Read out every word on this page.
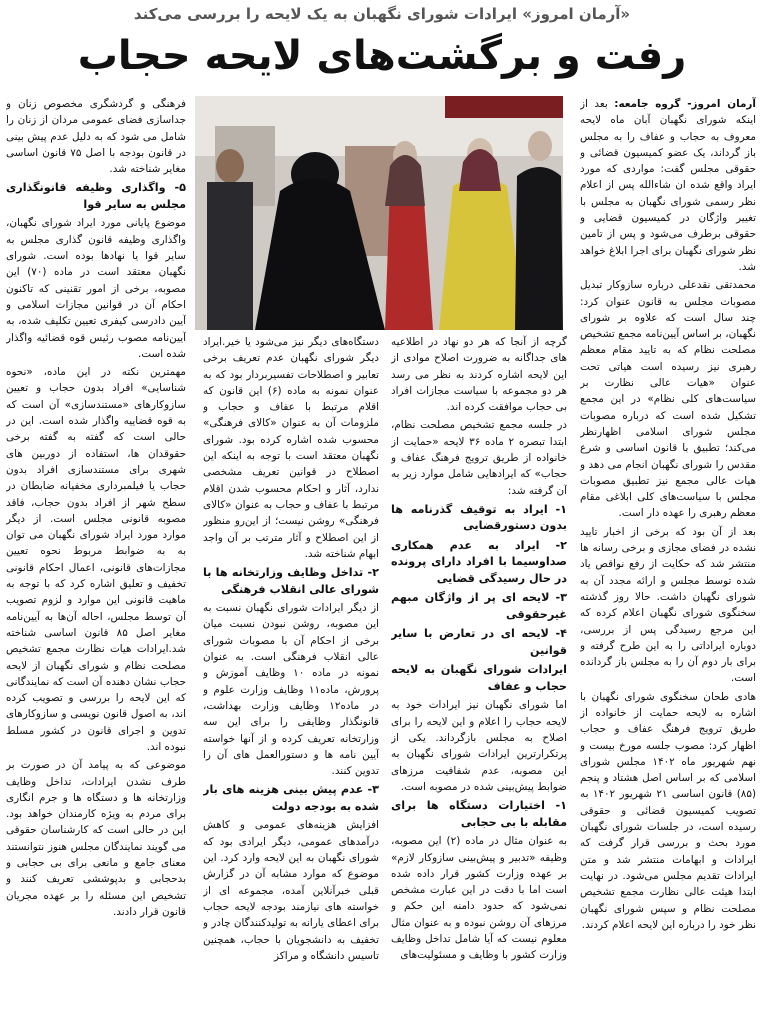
«آرمان امروز» ایرادات شورای نگهبان به یک لایحه را بررسی می‌کند
رفت و برگشت‌های لایحه حجاب

آرمان امروز- گروه جامعه: بعد از اینکه شورای نگهبان آبان ماه لایحه معروف به حجاب و عفاف را به مجلس باز گرداند، یک عضو کمیسیون قضائی و حقوقی مجلس گفت: مواردی که مورد ایراد واقع شده ان شاءالله پس از اعلام نظر رسمی شورای نگهبان به مجلس با تغییر واژگان در کمیسیون قضایی و حقوقی برطرف می‌شود و پس از تامین نظر شورای نگهبان برای اجرا ابلاغ خواهد شد.

محمدتقی نقدعلی درباره سازوکار تبدیل مصوبات مجلس به قانون عنوان کرد: چند سال است که علاوه بر شورای نگهبان، بر اساس آیین‌نامه مجمع تشخیص مصلحت نظام که به تایید مقام معظم رهبری نیز رسیده است هیاتی تحت عنوان «هیات عالی نظارت بر سیاست‌های کلی نظام» در این مجمع تشکیل شده است که درباره مصوبات مجلس شورای اسلامی اظهارنظر می‌کند؛ تطبیق با قانون اساسی و شرع مقدس را شورای نگهبان انجام می دهد و هیات عالی مجمع نیز تطبیق مصوبات مجلس با سیاست‌های کلی ابلاغی مقام معظم رهبری را عهده دار است.

بعد از آن بود که برخی از اخبار تایید نشده در فضای مجازی و برخی رسانه ها منتشر شد که حکایت از رفع نواقص یاد شده توسط مجلس و ارائه مجدد آن به شورای نگهبان داشت. حالا روز گذشته سخنگوی شورای نگهبان اعلام کرده که این مرجع رسیدگی پس از بررسی، دوباره ایراداتی را به این طرح گرفته و برای بار دوم آن را به مجلس باز گردانده است.

هادی طحان سخنگوی شورای نگهبان با اشاره به لایحه حمایت از خانواده از طریق ترویج فرهنگ عفاف و حجاب اظهار کرد: مصوب جلسه مورخ بیست و نهم شهریور ماه ۱۴۰۲ مجلس شورای اسلامی که بر اساس اصل هشتاد و پنجم (۸۵) قانون اساسی ۲۱ شهریور ۱۴۰۲ به تصویب کمیسیون قضائی و حقوقی رسیده است، در جلسات شورای نگهبان مورد بحث و بررسی قرار گرفت که ایرادات و ابهامات منتشر شد و متن ایرادات تقدیم مجلس می‌شود. در نهایت ابتدا هیئت عالی نظارت مجمع تشخیص مصلحت نظام و سپس شورای نگهبان نظر خود را درباره این لایحه اعلام کردند.

گرچه از آنجا که هر دو نهاد در اطلاعیه های جداگانه به ضرورت اصلاح موادی از این لایحه اشاره کردند به نظر می رسد هر دو مجموعه با سیاست مجازات افراد بی حجاب موافقت کرده اند.

در جلسه مجمع تشخیص مصلحت نظام، ابتدا تبصره ۲ ماده ۳۶ لایحه «حمایت از خانواده از طریق ترویج فرهنگ عفاف و حجاب» که ایرادهایی شامل موارد زیر به آن گرفته شد:

۱- ایراد به توقیف گذرنامه ها بدون دستورقضایی
۲- ایراد به عدم همکاری صداوسیما با افراد دارای پرونده در حال رسیدگی قضایی
۳- لایحه ای پر از واژگان مبهم غیرحقوقی
۴- لایحه ای در تعارض با سایر قوانین
ایرادات شورای نگهبان به لایحه حجاب و عفاف

اما شورای نگهبان نیز ایرادات خود به لایحه حجاب را اعلام و این لایحه را برای اصلاح به مجلس بازگرداند. یکی از پرتکرارترین ایرادات شورای نگهبان به این مصوبه، عدم شفافیت مرزهای ضوابط پیش‌بینی شده در مصوبه است.

۱- اختیارات دستگاه ها برای مقابله با بی حجابی

به عنوان مثال در ماده (۲) این مصوبه، وظیفه «تدبیر و پیش‌بینی سازوکار لازم» بر عهده وزارت کشور قرار داده شده است اما با دقت در این عبارت مشخص نمی‌شود که حدود دامنه این حکم و مرزهای آن روشن نبوده و به عنوان مثال معلوم نیست که آیا شامل تداخل وظایف وزارت کشور با وظایف و مسئولیت‌های

دستگاه‌های دیگر نیز می‌شود یا خیر.ایراد دیگر شورای نگهبان عدم تعریف برخی تعابیر و اصطلاحات تفسیربردار بود که به عنوان نمونه به ماده (۶) این قانون که اقلام مرتبط با عفاف و حجاب و ملزومات آن به عنوان «کالای فرهنگی» محسوب شده اشاره کرده بود. شورای نگهبان معتقد است با توجه به اینکه این اصطلاح در قوانین تعریف مشخصی ندارد، آثار و احکام محسوب شدن اقلام مرتبط با عفاف و حجاب به عنوان «کالای فرهنگی» روشن نیست؛ از این‌رو منظور از این اصطلاح و آثار مترتب بر آن واجد ابهام شناخته شد.

۲- تداخل وظایف وزارتخانه ها با شورای عالی انقلاب فرهنگی

از دیگر ایرادات شورای نگهبان نسبت به این مصوبه، روشن نبودن نسبت میان برخی از احکام آن با مصوبات شورای عالی انقلاب فرهنگی است. به عنوان نمونه در ماده ۱۰ وظایف آموزش و پرورش، ماده۱۱ وظایف وزارت علوم و در ماده۱۲ وظایف وزارت بهداشت، قانونگذار وظایفی را برای این سه وزارتخانه تعریف کرده و از آنها خواسته آیین نامه ها و دستورالعمل های آن را تدوین کنند.

۳- عدم پیش بینی هزینه های بار شده به بودجه دولت

افزایش هزینه‌های عمومی و کاهش درآمدهای عمومی، دیگر ایرادی بود که شورای نگهبان به این لایحه وارد کرد. این موضوع که موارد مشابه آن در گزارش قبلی خبرآنلاین آمده، مجموعه ای از خواسته های نیازمند بودجه لایحه حجاب برای اعطای یارانه به تولیدکنندگان چادر و تخفیف به دانشجویان با حجاب، همچنین تاسیس دانشگاه و مراکز

فرهنگی و گردشگری مخصوص زنان و جداسازی فضای عمومی مردان از زنان را شامل می شود که به دلیل عدم پیش بینی در قانون بودجه با اصل ۷۵ قانون اساسی مغایر شناخته شد.

۵- واگذاری وظیفه قانونگذاری مجلس به سایر قوا

موضوع پایانی مورد ایراد شورای نگهبان، واگذاری وظیفه قانون گذاری مجلس به سایر قوا یا نهادها بوده است. شورای نگهبان معتقد است در ماده (۷۰) این مصوبه، برخی از امور تقنینی که تاکنون احکام آن در قوانین مجازات اسلامی و آیین دادرسی کیفری تعیین تکلیف شده، به آیین‌نامه مصوب رئیس قوه قضائیه واگذار شده است.

مهمترین نکته در این ماده، «نحوه شناسایی» افراد بدون حجاب و تعیین سازوکارهای «مستندسازی» آن است که به قوه قضاییه واگذار شده است. این در حالی است که گفته به گفته برخی حقوقدان ها، استفاده از دوربین های شهری برای مستندسازی افراد بدون حجاب یا فیلمبرداری مخفیانه ضابطان در سطح شهر از افراد بدون حجاب، فاقد مصوبه قانونی مجلس است. از دیگر موارد مورد ایراد شورای نگهبان می توان به به ضوابط مربوط نحوه تعیین مجازات‌های قانونی، اعمال احکام قانونی تخفیف و تعلیق اشاره کرد که با توجه به ماهیت قانونی این موارد و لزوم تصویب آن توسط مجلس، احاله آن‌ها به آیین‌نامه مغایر اصل ۸۵ قانون اساسی شناخته شد.ایرادات هیات نظارت مجمع تشخیص مصلحت نظام و شورای نگهبان از لایحه حجاب نشان دهنده آن است که نمایندگانی که این لایحه را بررسی و تصویب کرده اند، به اصول قانون نویسی و سازوکارهای تدوین و اجرای قانون در کشور مسلط نبوده اند.

موضوعی که به پیامد آن در صورت بر طرف نشدن ایرادات، تداخل وظایف وزارتخانه ها و دستگاه ها و جرم انگاری برای مردم به ویژه کارمندان خواهد بود. این در حالی است که کارشناسان حقوقی می گویند نمایندگان مجلس هنوز نتوانستند معنای جامع و مانعی برای بی حجابی و بدحجابی و بدپوششی تعریف کنند و تشخیص این مسئله را بر عهده مجریان قانون قرار دادند.
